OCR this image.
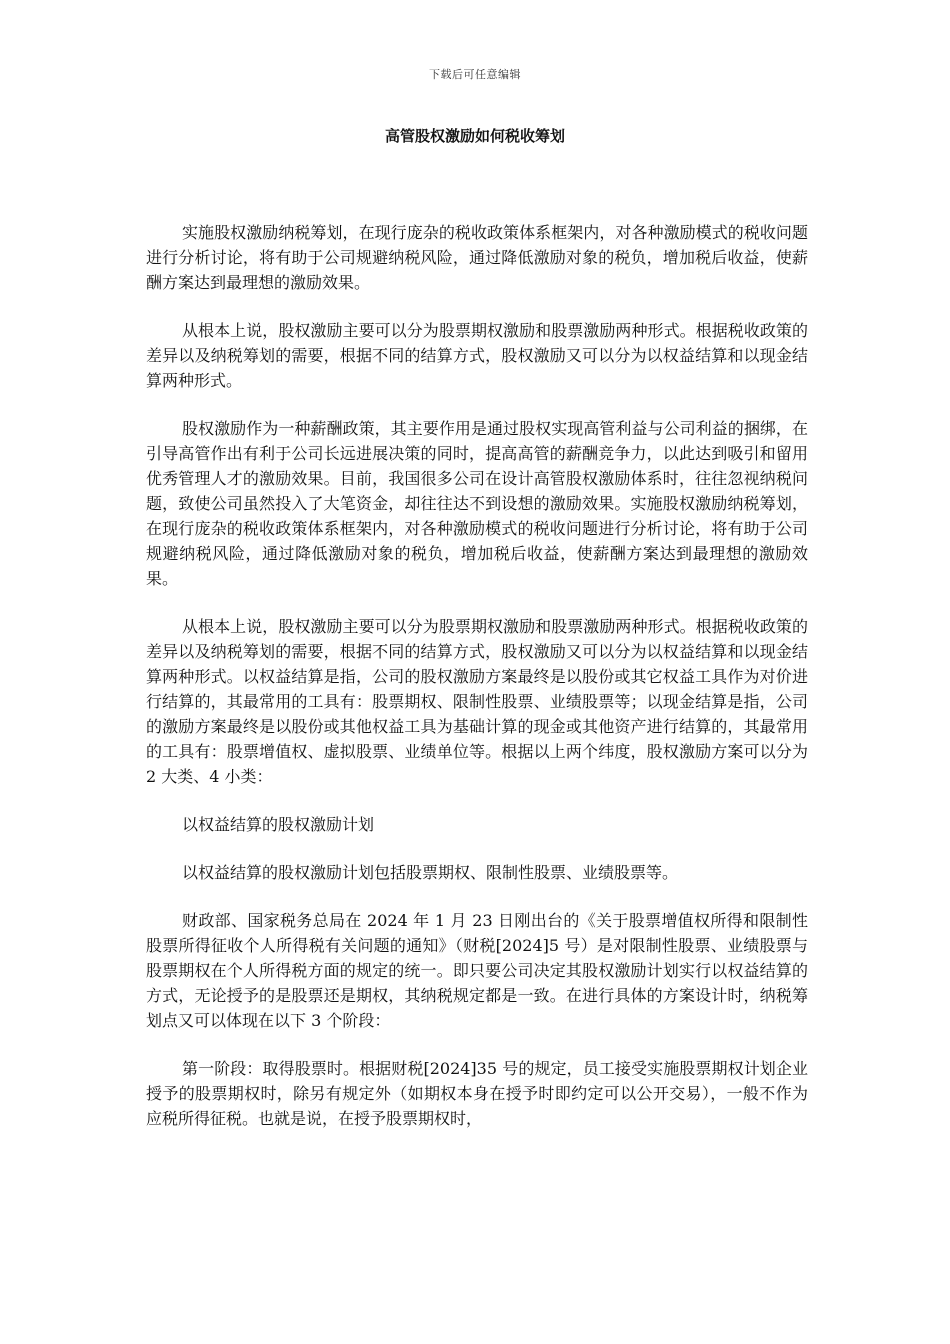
下载后可任意编辑
高管股权激励如何税收筹划

实施股权激励纳税筹划，在现行庞杂的税收政策体系框架内，对各种激励模式的税收问题进行分析讨论，将有助于公司规避纳税风险，通过降低激励对象的税负，增加税后收益，使薪酬方案达到最理想的激励效果。

从根本上说，股权激励主要可以分为股票期权激励和股票激励两种形式。根据税收政策的差异以及纳税筹划的需要，根据不同的结算方式，股权激励又可以分为以权益结算和以现金结算两种形式。

股权激励作为一种薪酬政策，其主要作用是通过股权实现高管利益与公司利益的捆绑，在引导高管作出有利于公司长远进展决策的同时，提高高管的薪酬竞争力，以此达到吸引和留用优秀管理人才的激励效果。目前，我国很多公司在设计高管股权激励体系时，往往忽视纳税问题，致使公司虽然投入了大笔资金，却往往达不到设想的激励效果。实施股权激励纳税筹划，在现行庞杂的税收政策体系框架内，对各种激励模式的税收问题进行分析讨论，将有助于公司规避纳税风险，通过降低激励对象的税负，增加税后收益，使薪酬方案达到最理想的激励效果。

从根本上说，股权激励主要可以分为股票期权激励和股票激励两种形式。根据税收政策的差异以及纳税筹划的需要，根据不同的结算方式，股权激励又可以分为以权益结算和以现金结算两种形式。以权益结算是指，公司的股权激励方案最终是以股份或其它权益工具作为对价进行结算的，其最常用的工具有：股票期权、限制性股票、业绩股票等；以现金结算是指，公司的激励方案最终是以股份或其他权益工具为基础计算的现金或其他资产进行结算的，其最常用的工具有：股票增值权、虚拟股票、业绩单位等。根据以上两个纬度，股权激励方案可以分为 2 大类、4 小类：

以权益结算的股权激励计划

以权益结算的股权激励计划包括股票期权、限制性股票、业绩股票等。

财政部、国家税务总局在 2024 年 1 月 23 日刚出台的《关于股票增值权所得和限制性股票所得征收个人所得税有关问题的通知》（财税[2024]5 号）是对限制性股票、业绩股票与股票期权在个人所得税方面的规定的统一。即只要公司决定其股权激励计划实行以权益结算的方式，无论授予的是股票还是期权，其纳税规定都是一致。在进行具体的方案设计时，纳税筹划点又可以体现在以下 3 个阶段：

第一阶段：取得股票时。根据财税[2024]35 号的规定，员工接受实施股票期权计划企业授予的股票期权时，除另有规定外（如期权本身在授予时即约定可以公开交易），一般不作为应税所得征税。也就是说，在授予股票期权时，
